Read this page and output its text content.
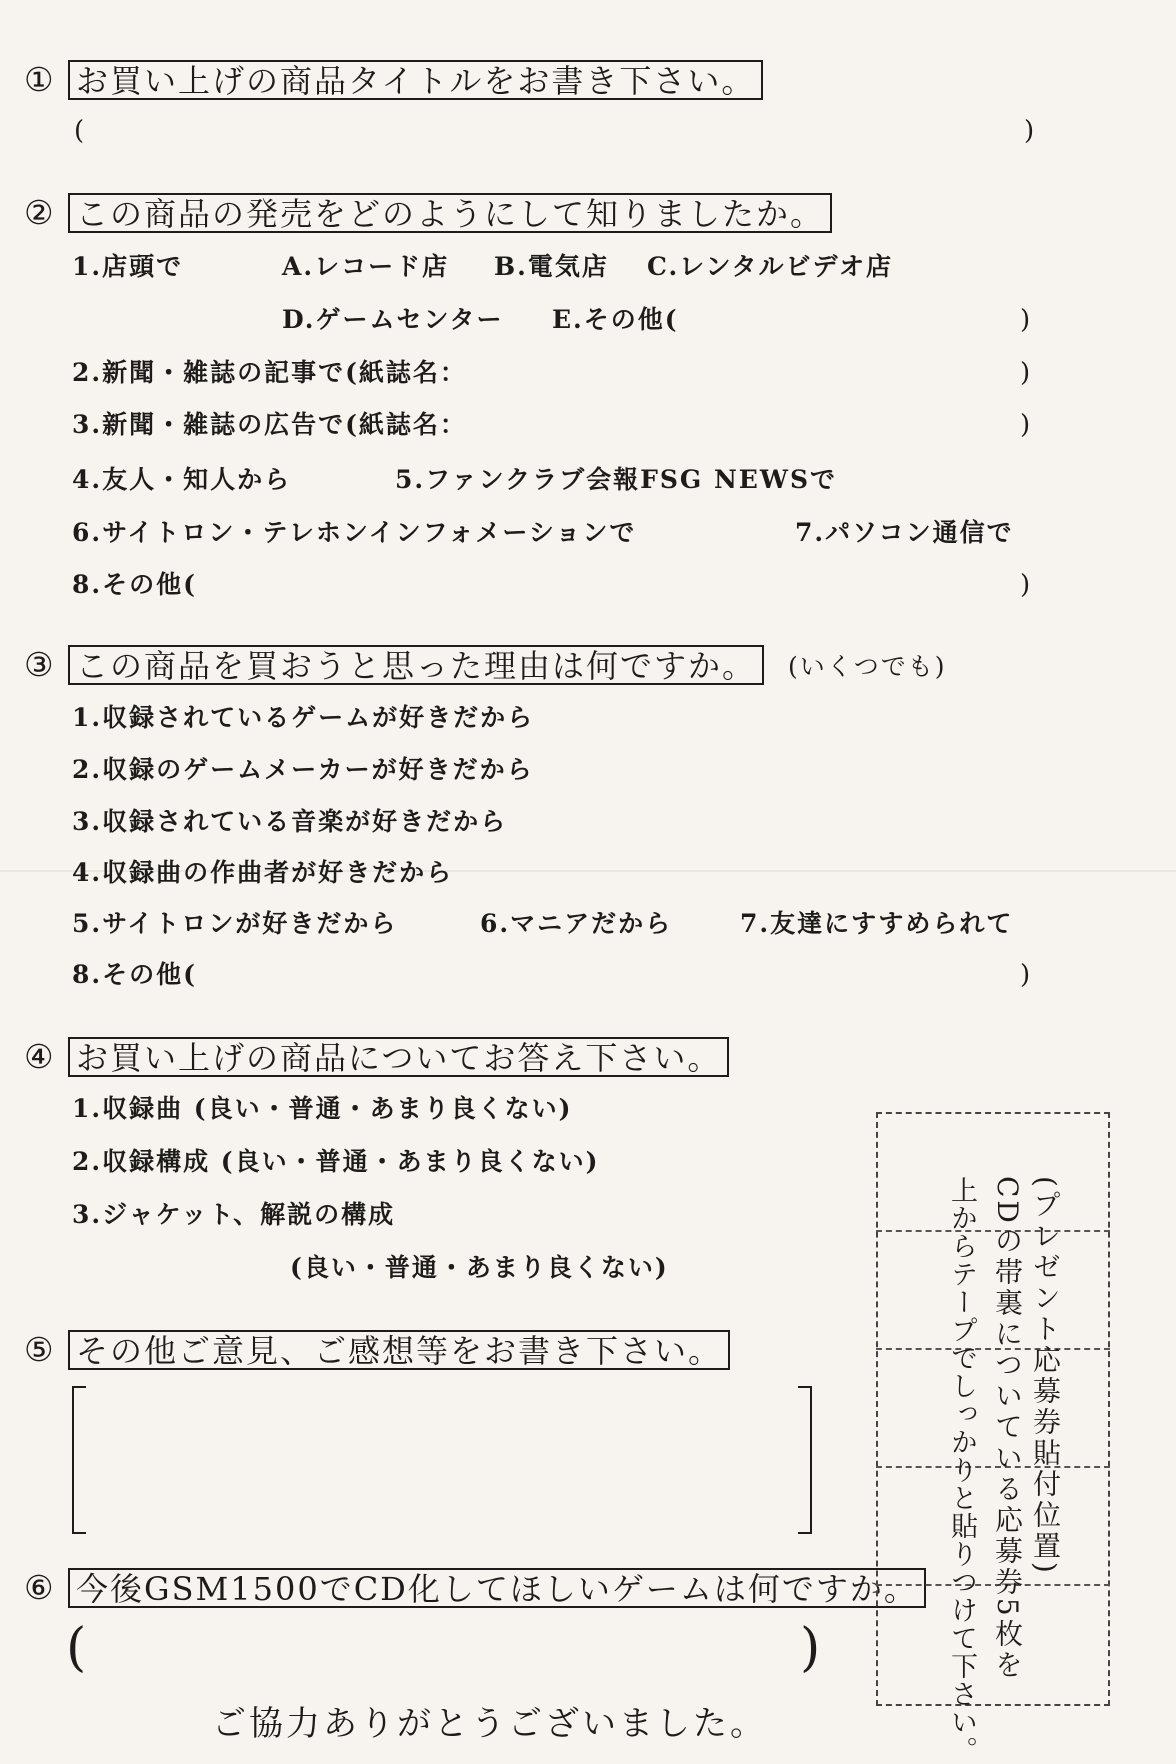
① お買い上げの商品タイトルをお書き下さい。
(	)
② この商品の発売をどのようにして知りましたか。
1.店頭で	A.レコード店 B.電気店 C.レンタルビデオ店
D.ゲームセンター E.その他(	)
2.新聞・雑誌の記事で(紙誌名：	)
3.新聞・雑誌の広告で(紙誌名：	)
4.友人・知人から	5.ファンクラブ会報FSG NEWSで
6.サイトロン・テレホンインフォメーションで	7.パソコン通信で
8.その他(	)
③ この商品を買おうと思った理由は何ですか。	(いくつでも)
1.収録されているゲームが好きだから
2.収録のゲームメーカーが好きだから
3.収録されている音楽が好きだから
4.収録曲の作曲者が好きだから
5.サイトロンが好きだから	6.マニアだから	7.友達にすすめられて
8.その他(	)
④ お買い上げの商品についてお答え下さい。
1.収録曲 (良い・普通・あまり良くない)
2.収録構成 (良い・普通・あまり良くない)
3.ジャケット、解説の構成
(良い・普通・あまり良くない)
⑤ その他ご意見、ご感想等をお書き下さい。
⑥ 今後GSM1500でCD化してほしいゲームは何ですか。
(	)
(プレゼント応募券貼付位置)
CDの帯裏についている応募券5枚を
上からテープでしっかりと貼りつけて下さい。
ご協力ありがとうございました。
